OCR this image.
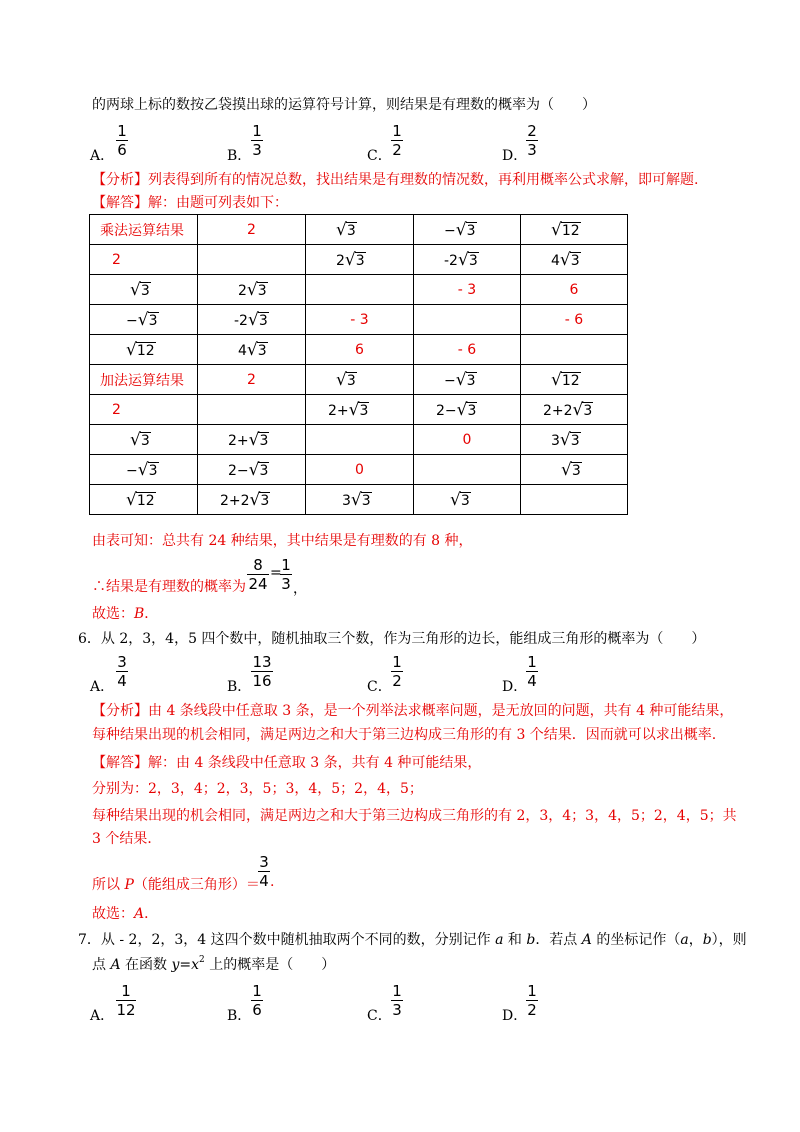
的两球上标的数按乙袋摸出球的运算符号计算，则结果是有理数的概率为（　　）
A．
1
6	B．
1
3	C．
1
2	D．
2
3
【分析】列表得到所有的情况总数，找出结果是有理数的情况数，再利用概率公式求解，即可解题.
【解答】解：由题可列表如下：
乘法运算结果	2	√3	−√3	√12
2		2√3	-2√3	4√3
√3	2√3		- 3	6
−√3	-2√3	- 3		- 6
√12	4√3	6	- 6	
加法运算结果	2	√3	−√3	√12
2		2+√3	2−√3	2+2√3
√3	2+√3		0	3√3
−√3	2−√3	0		√3
√12	2+2√3	3√3	√3	
由表可知：总共有 24 种结果，其中结果是有理数的有 8 种，
∴结果是有理数的概率为
8
24
= 1
3 ，
故选：B．
6．从 2，3，4，5 四个数中，随机抽取三个数，作为三角形的边长，能组成三角形的概率为（　　）
A．
3
4	B．
13
16	C．
1
2	D．
1
4
【分析】由 4 条线段中任意取 3 条，是一个列举法求概率问题，是无放回的问题，共有 4 种可能结果，
每种结果出现的机会相同，满足两边之和大于第三边构成三角形的有 3 个结果．因而就可以求出概率.
【解答】解：由 4 条线段中任意取 3 条，共有 4 种可能结果，
分别为：2，3，4；2，3，5；3，4，5；2，4，5；
每种结果出现的机会相同，满足两边之和大于第三边构成三角形的有 2，3，4；3，4，5；2，4，5；共
3 个结果．
所以 P（能组成三角形）＝
3
4 .
故选：A．
7．从 - 2，2，3，4 这四个数中随机抽取两个不同的数，分别记作 a 和 b．若点 A 的坐标记作（a，b），则
点 A 在函数 $y=x^2$ 上的概率是（　　）
A．
1
12	B．
1
6	C．
1
3	D．
1
2
